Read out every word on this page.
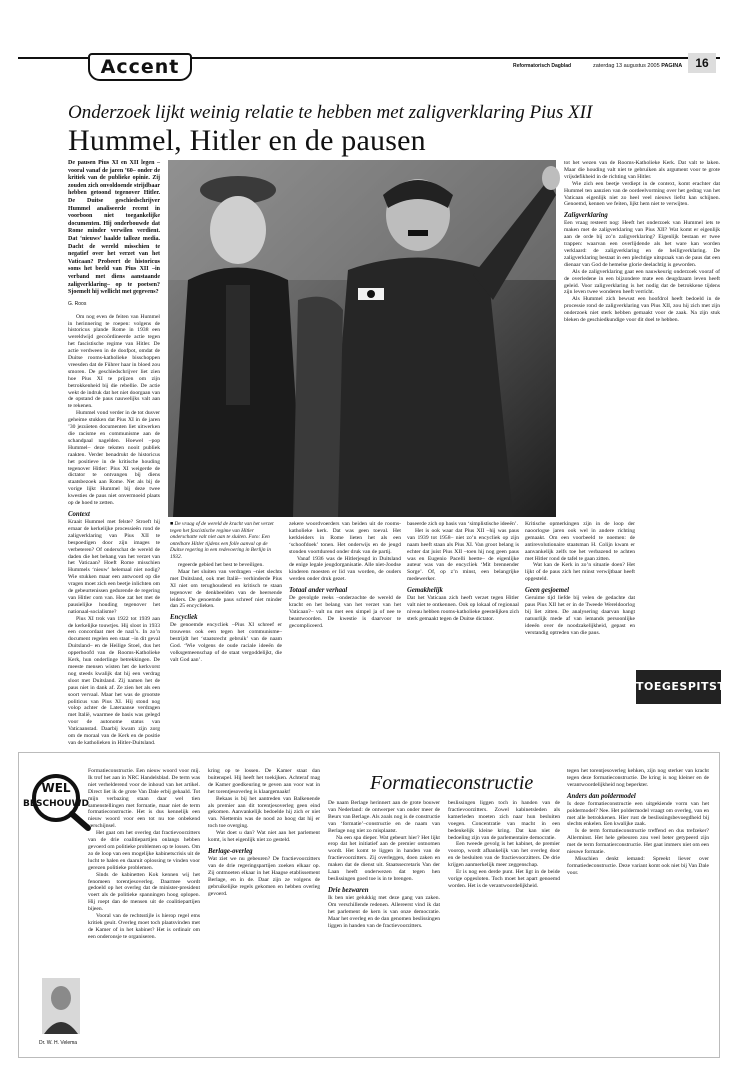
Accent	Reformatorisch Dagblad	zaterdag 13 augustus 2005 PAGINA	16
Onderzoek lijkt weinig relatie te hebben met zaligverklaring Pius XII
Hummel, Hitler en de pausen

De pausen Pius XI en XII legen –vooral vanaf de jaren ’60– onder de kritiek van de publieke opinie. Zij zouden zich onvoldoende strijdbaar hebben getoond tegenover Hitler. De Duitse geschiedschrijver Hummel analiseerde recent in voorboon niet toegankelijke documenten. Hij onderbouwde dat Rome minder verwilen verdient. Dat ‘nieuws’ haalde talloze media. Dacht de wereld misschien te negatief over het verzet van het Vaticaan? Probeert de historicus soms het beeld van Pius XII –in verband met diens aanstaande zaligverklaring– op te poetsen? Sjoemelt hij wellicht met gegevens?

G. Roos

Om nog even de feiten van Hummel in herinnering te roepen: volgens de historicus plande Rome in 1938 een wereldwijd gecoördineerde actie tegen het fascistische regime van Hitler. De actie verdween in de doofpot, omdat de Duitse rooms-katholieke bisschoppen vreesden dat de Führer haar in bloed zou smoren. De geschiedschrijver liet zien hoe Pius XI te prijzen om zijn betrokkenheid bij die rebellie. De actie wekt de indruk dat het niet doorgaan van de opstand de paus nauwelijks valt aan te rekenen.

Hummel vond verder in de tot dusver geheime stukken dat Pius XI in de jaren ’30 jezuïeten documenten liet uitwerken die racisme en communisme aan de schandpaal nagelden. Hoewel –pop Hummel– deze teksten nooit publiek raakten. Verder benadrukt de historicus het positieve in de kritische houding tegenover Hitler: Pius XI weigerde de dictator te ontvangen bij diens staatsbezoek aan Rome. Net als bij de vorige lijkt Hummel bij deze twee kwesties de paus niet onvermoeid plaats op de hoed te zetten.

Context

Kraait Hummel met felste? Stroeft hij ernaar de kerkelijke processieën rond de zaligverklaring van Pius XII te bespoedigen door zijn images te verbeteren? Of onderschat de wereld de daden die het behang van het verzet van het Vaticaan? Hoeft Rome misschien Hummels ‘nieuw’ helemaal niet nodig? Wie stukken maar een antwoord op die vragen moet zich een beetje inlichten om de gebeurtenissen gedurende de regering van Hitler com van. Hoe zat het met de pausielijke houding tegenover het nationaal-socialisme?

Pius XI trok van 1922 tot 1939 aan de kerkelijke touwtjes. Hij sloot in 1933 een concordaat met de nazi’s. In zo’n document regelen een staat –in dit geval Duitsland– en de Heilige Stoel, dus het opperhoofd van de Rooms-Katholieke Kerk, hun onderlinge betrekkingen. De meeste mensen wisten het de kerkvorst nog steeds kwalijk dat hij een verdrag sloot met Duitsland. Zij namen het de paus niet in dank af. Ze zien het als een soort vervaal. Maar het was de grootste politicus van Pius XI. Hij stond nog volop achter de Lateraanse verdragen met Italië, waarmee de basis was gelegd voor de autonome status van Vaticaanstad. Daarbij kwam zijn zorg om de moraal van de Kerk en de positie van de katholieken in Hitler-Duitsland.

■ De vraag of de wereld de kracht van het verzet tegen het fascistische regime van Hitler onderschatte valt niet aan te sluiten. Foto: Een ontelbare Hitler tijdens een folle aanval op de Duitse regering in een redevoering in Berlijn in 1932.

regeerde gebied het best te beveiligen.

Maar het sluiten van verdragen –niet slechts met Duitsland, ook met Italië– verhinderde Pius XI niet om terughoudend en kritisch te staan tegenover de denkbeelden van de heersende leiders. De genoemde paus schreef niet minder dan 25 encyclieken.

Encycliek

De genoemde encycliek –Pius XI schreef er trouwens ook een tegen het communisme– bestrijdt het ‘staatsrecht gebruik’ van de naam God. ‘Wie volgens de oude raciale ideeën de volksgemeenschap of de staat vergoddelijkt, die valt God aan’.

zekere woordvoerders van beiden uit de rooms-katholieke kerk. Dat was geen toeval. Het kerkleiders in Rome lieten het als een ‘schoofdoek’ tonen. Het onderwijs en de jeugd stonden voortdurend onder druk van de partij.

Vanaf 1936 was de Hitlerjeugd in Duitsland de enige legale jeugdorganisatie. Alle niet-Joodse kinderen moesten er lid van worden, de ouders werden onder druk gezet.

Totaal ander verhaal

De gevolgde reeks –onderzochte de wereld de kracht en het belang van het verzet van het Vaticaan?– valt nu met een simpel ja of nee te beantwoorden. De kwestie is daarvoor te gecompliceerd.

baseerde zich op basis van ‘simplistische ideeën’.

Het is ook waar dat Pius XII –hij was paus van 1939 tot 1958– niet zo’n encycliek op zijn naam heeft staan als Pius XI. Van groot belang is echter dat juist Pius XII –toen hij nog geen paus was en Eugenio Pacelli heette– de eigenlijke auteur was van de encycliek ‘Mit brennender Sorge’. Of, op z’n minst, een belangrijke medewerker.

Gemakhelijk

Dat het Vaticaan zich heeft verzet tegen Hitler valt niet te ontkennen. Ook op lokaal of regionaal niveau hebben rooms-katholieke geestelijken zich sterk gemaakt tegen de Duitse dictator.

Kritische opmerkingen zijn in de loop der naoorlogse jaren ook wel in andere richting gemaakt. Om een voorbeeld te noemen: de antirevolutionaire staatsman H. Colijn kwam er aanvankelijk zelfs toe het verbazend te achten met Hitler rond de tafel te gaan zitten.

Wat kan de Kerk in zo’n situatie doen? Het lijkt of de paus zich het minst verwijtbaar heeft opgesteld.

Geen gesjoemel

Geruime tijd liefde bij velen de gedachte dat paus Pius XII het er in de Tweede Wereldoorlog bij liet zitten. De analysering daarvan hangt natuurlijk mede af van iemands persoonlijke ideeën over de noodzakelijkheid, gepast en verstandig optreden van die paus.

tot het wezen van de Rooms-Katholieke Kerk. Dat valt te laken. Maar die houding valt niet te gebruiken als argument voor te grote vrijsdefikheid in de richting van Hitler.

Wie zich een beetje verdiept in de context, komt erachter dat Hummel ten aanzien van de oordeelvorming over het gedrag van het Vaticaan eigenlijk niet zo heel veel nieuws liefst kan schijnen. Genoemd, kennen we feiten, lijkt hem niet te verwijten.

Zaligverklaring

Een vraag resteert nog: Heeft het onderzoek van Hummel iets te maken met de zaligverklaring van Pius XII? Wat komt er eigenlijk aan de orde bij zo’n zaligverklaring? Eigenlijk bestaan er twee trappen: waarvan een overlijdende als het ware kan worden verklaard: de zaligverklaring en de heiligverklaring. De zaligverklaring bestaat in een plechtige uitspraak van de paus dat een dienaar van God de hemelse glorie deelachtig is geworden.

Als de zaligverklaring gaat een nauwkeurig onderzoek vooraf of de overledene in een bijzondere mate een deugdzaam leven heeft geleid. Voor zaligverklaring is het nodig dat de betrokkene tijdens zijn leven twee wonderen heeft verricht.

Als Hummel zich bewust een hoofdrol heeft bedoeld in de processie rond de zaligverklaring van Pius XII, zou hij zich met zijn onderzoek niet sterk hebben gemaakt voor de zaak. Na zijn stuk bleken de geschiedkundige voor dit doel te hebben.

TOEGESPITST
WEL
BESCHOUWD
Formatieconstructie
Dr. W. H. Velema

Formatieconstructie. Een nieuw woord voor mij. Ik trof het aan in NRC Handelsblad. De term was niet verhelderend voor de inhoud van het artikel. Direct liet ik de grote Van Dale erbij gehaald. Tot mijn verbazing staan daar wel tien samenstellingen met formatie, maar niet de term formatieconstructie. Het is dus kennelijk een nieuw woord voor een tot nu toe onbekend verschijnsel.

Het gaat om het overleg dat fractievoorzitters van de drie coalitiepartijen onlangs hebben gevoerd om politieke problemen op te lossen. Om zo de loop van een mogelijke kabinetscrisis uit de lucht te halen en daaruit oplossing te vinden voor gerezen politieke problemen.

Sinds de kabinetten Kok kennen wij het fenomeen torentjesoverleg. Daarmee wordt gedoeld op het overleg dat de minister-president voert als de politieke spanningen hoog oplopen. Hij roept dan de mensen uit de coalitiepartijen bijeen.

Vooral van de rechtsstijle is hierop regel ems kritiek geuit. Overleg moet toch plaatsvinden met de Kamer of in het kabinet? Het is ordinair om een onderonsje te organiseren.

kring op te lossen. De Kamer staat dan buitenspel. Hij heeft het toekijken. Achteraf mag de Kamer goedkeuring te geven aan voor wat in het torentjesoverleg is klaargemaakt!

Bekaas is bij het aantreden van Balkenende als premier aan dit torentjesoverleg geen eind gekomen. Aanvankelijk bedoelde hij zich er niet van. Niettemin was de nood zo hoog dat hij er toch toe overging.

Wat doet u dan? Wat niet aan het parlement komt, is het eigenlijk niet zo gesteld.

Berlage-overleg

Wat ziet we nu gebeuren? De fractievoorzitters van de drie regeringspartijen zoeken elkaar op. Zij ontmoeten elkaar in het Haagse etablissement Berlage, en in de. Daar zijn ze volgens de gebruikelijke regels gekomen en hebben overleg gevoerd.

De naam Berlage herinnert aan de grote bouwer van Nederland: de ontwerper van onder meer de Beurs van Berlage. Als zoals nog is de constructie van ‘formatie’–constructie en de naam van Berlage nog niet zo misplaatst.

Na een spa dieper. Wat gebeurt hier? Het lijkt erop dat het initiatief aan de premier ontnomen wordt. Het komt te liggen in handen van de fractievoorzitters. Zij overleggen, doen zaken en maken dat de dienst uit. Staatssecretaris Van der Laan heeft onderwezen dat tegen hen beslissingen goed toe is in te brengen.

Drie bezwaren

Ik ben niet gelukkig met deze gang van zaken. Om verschillende redenen. Allereerst vind ik dat het parlement de kern is van onze democratie. Maar het overleg en de dan genomen beslissingen liggen in handen van de fractievoorzitters.

beslissingen liggen toch in handen van de fractievoorzitters. Zowel kabinetsleden als kamerleden moeten zich naar hun besluiten voegen. Concentratie van macht in een bedenkelijk kleine kring. Dat kan niet de bedoeling zijn van de parlementaire democratie.

Een tweede gevolg is het kabinet, de premier voorop, wordt afhankelijk van het overleg door en de besluiten van de fractievoorzitters. De drie krijgen aanmerkelijk meer zeggenschap.

Er is nog een derde punt. Het ligt in de beide vorige opgesloten. Toch moet het apart genoemd worden. Het is de verantwoordelijkheid.

tegen het torentjesoverleg kehken, zijn nog sterker van kracht tegen deze formatieconstructie. De kring is nog kleiner en de verantwoordelijkheid nog beperkter.

Anders dan poldermodel

Is deze formatieconstructie een uitgekiende vorm van het poldermodel? Nee. Het poldermodel vraagt om overleg, van en met alle betrokkenen. Hier rust de beslissingsbevoegdheid bij slechts enkelen. Een kwalijke zaak.

Is de term formatieconstructie treffend en dus trefzeker? Allerminst. Het hele gebeuren zou veel beter getypeerd zijn met de term formatierconstructie. Het gaat immers niet om een nieuwe formatie.

Misschien denkt iemand: Spreekt liever over formatiedeconstructie. Deze variant komt ook niet bij Van Dale voor.
